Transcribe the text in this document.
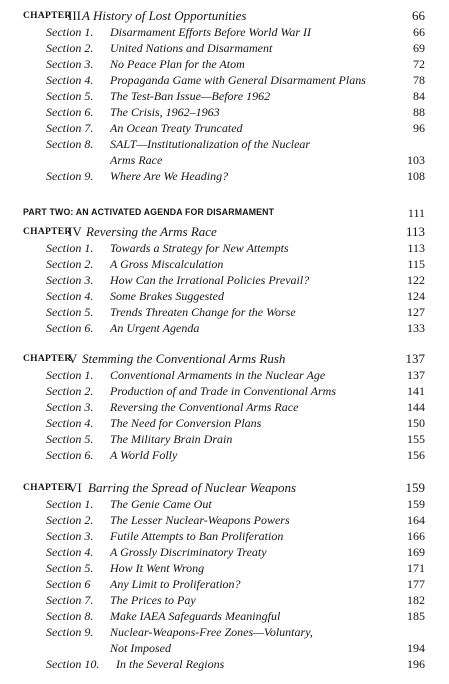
CHAPTER
III A History of Lost Opportunities	66
Section 1. Disarmament Efforts Before World War II	66
Section 2. United Nations and Disarmament	69
Section 3. No Peace Plan for the Atom	72
Section 4. Propaganda Game with General Disarmament Plans	78
Section 5. The Test-Ban Issue—Before 1962	84
Section 6. The Crisis, 1962–1963	88
Section 7. An Ocean Treaty Truncated	96
Section 8. SALT—Institutionalization of the Nuclear
Arms Race	103
Section 9. Where Are We Heading?	108
PART TWO: AN ACTIVATED AGENDA FOR DISARMAMENT	111
CHAPTER
IV Reversing the Arms Race	113
Section 1. Towards a Strategy for New Attempts	113
Section 2. A Gross Miscalculation	115
Section 3. How Can the Irrational Policies Prevail?	122
Section 4. Some Brakes Suggested	124
Section 5. Trends Threaten Change for the Worse	127
Section 6. An Urgent Agenda	133
CHAPTER
V Stemming the Conventional Arms Rush	137
Section 1. Conventional Armaments in the Nuclear Age	137
Section 2. Production of and Trade in Conventional Arms	141
Section 3. Reversing the Conventional Arms Race	144
Section 4. The Need for Conversion Plans	150
Section 5. The Military Brain Drain	155
Section 6. A World Folly	156
CHAPTER
VI Barring the Spread of Nuclear Weapons	159
Section 1. The Genie Came Out	159
Section 2. The Lesser Nuclear-Weapons Powers	164
Section 3. Futile Attempts to Ban Proliferation	166
Section 4. A Grossly Discriminatory Treaty	169
Section 5. How It Went Wrong	171
Section 6 Any Limit to Proliferation?	177
Section 7. The Prices to Pay	182
Section 8. Make IAEA Safeguards Meaningful	185
Section 9. Nuclear-Weapons-Free Zones—Voluntary,
Not Imposed	194
Section 10. In the Several Regions	196
